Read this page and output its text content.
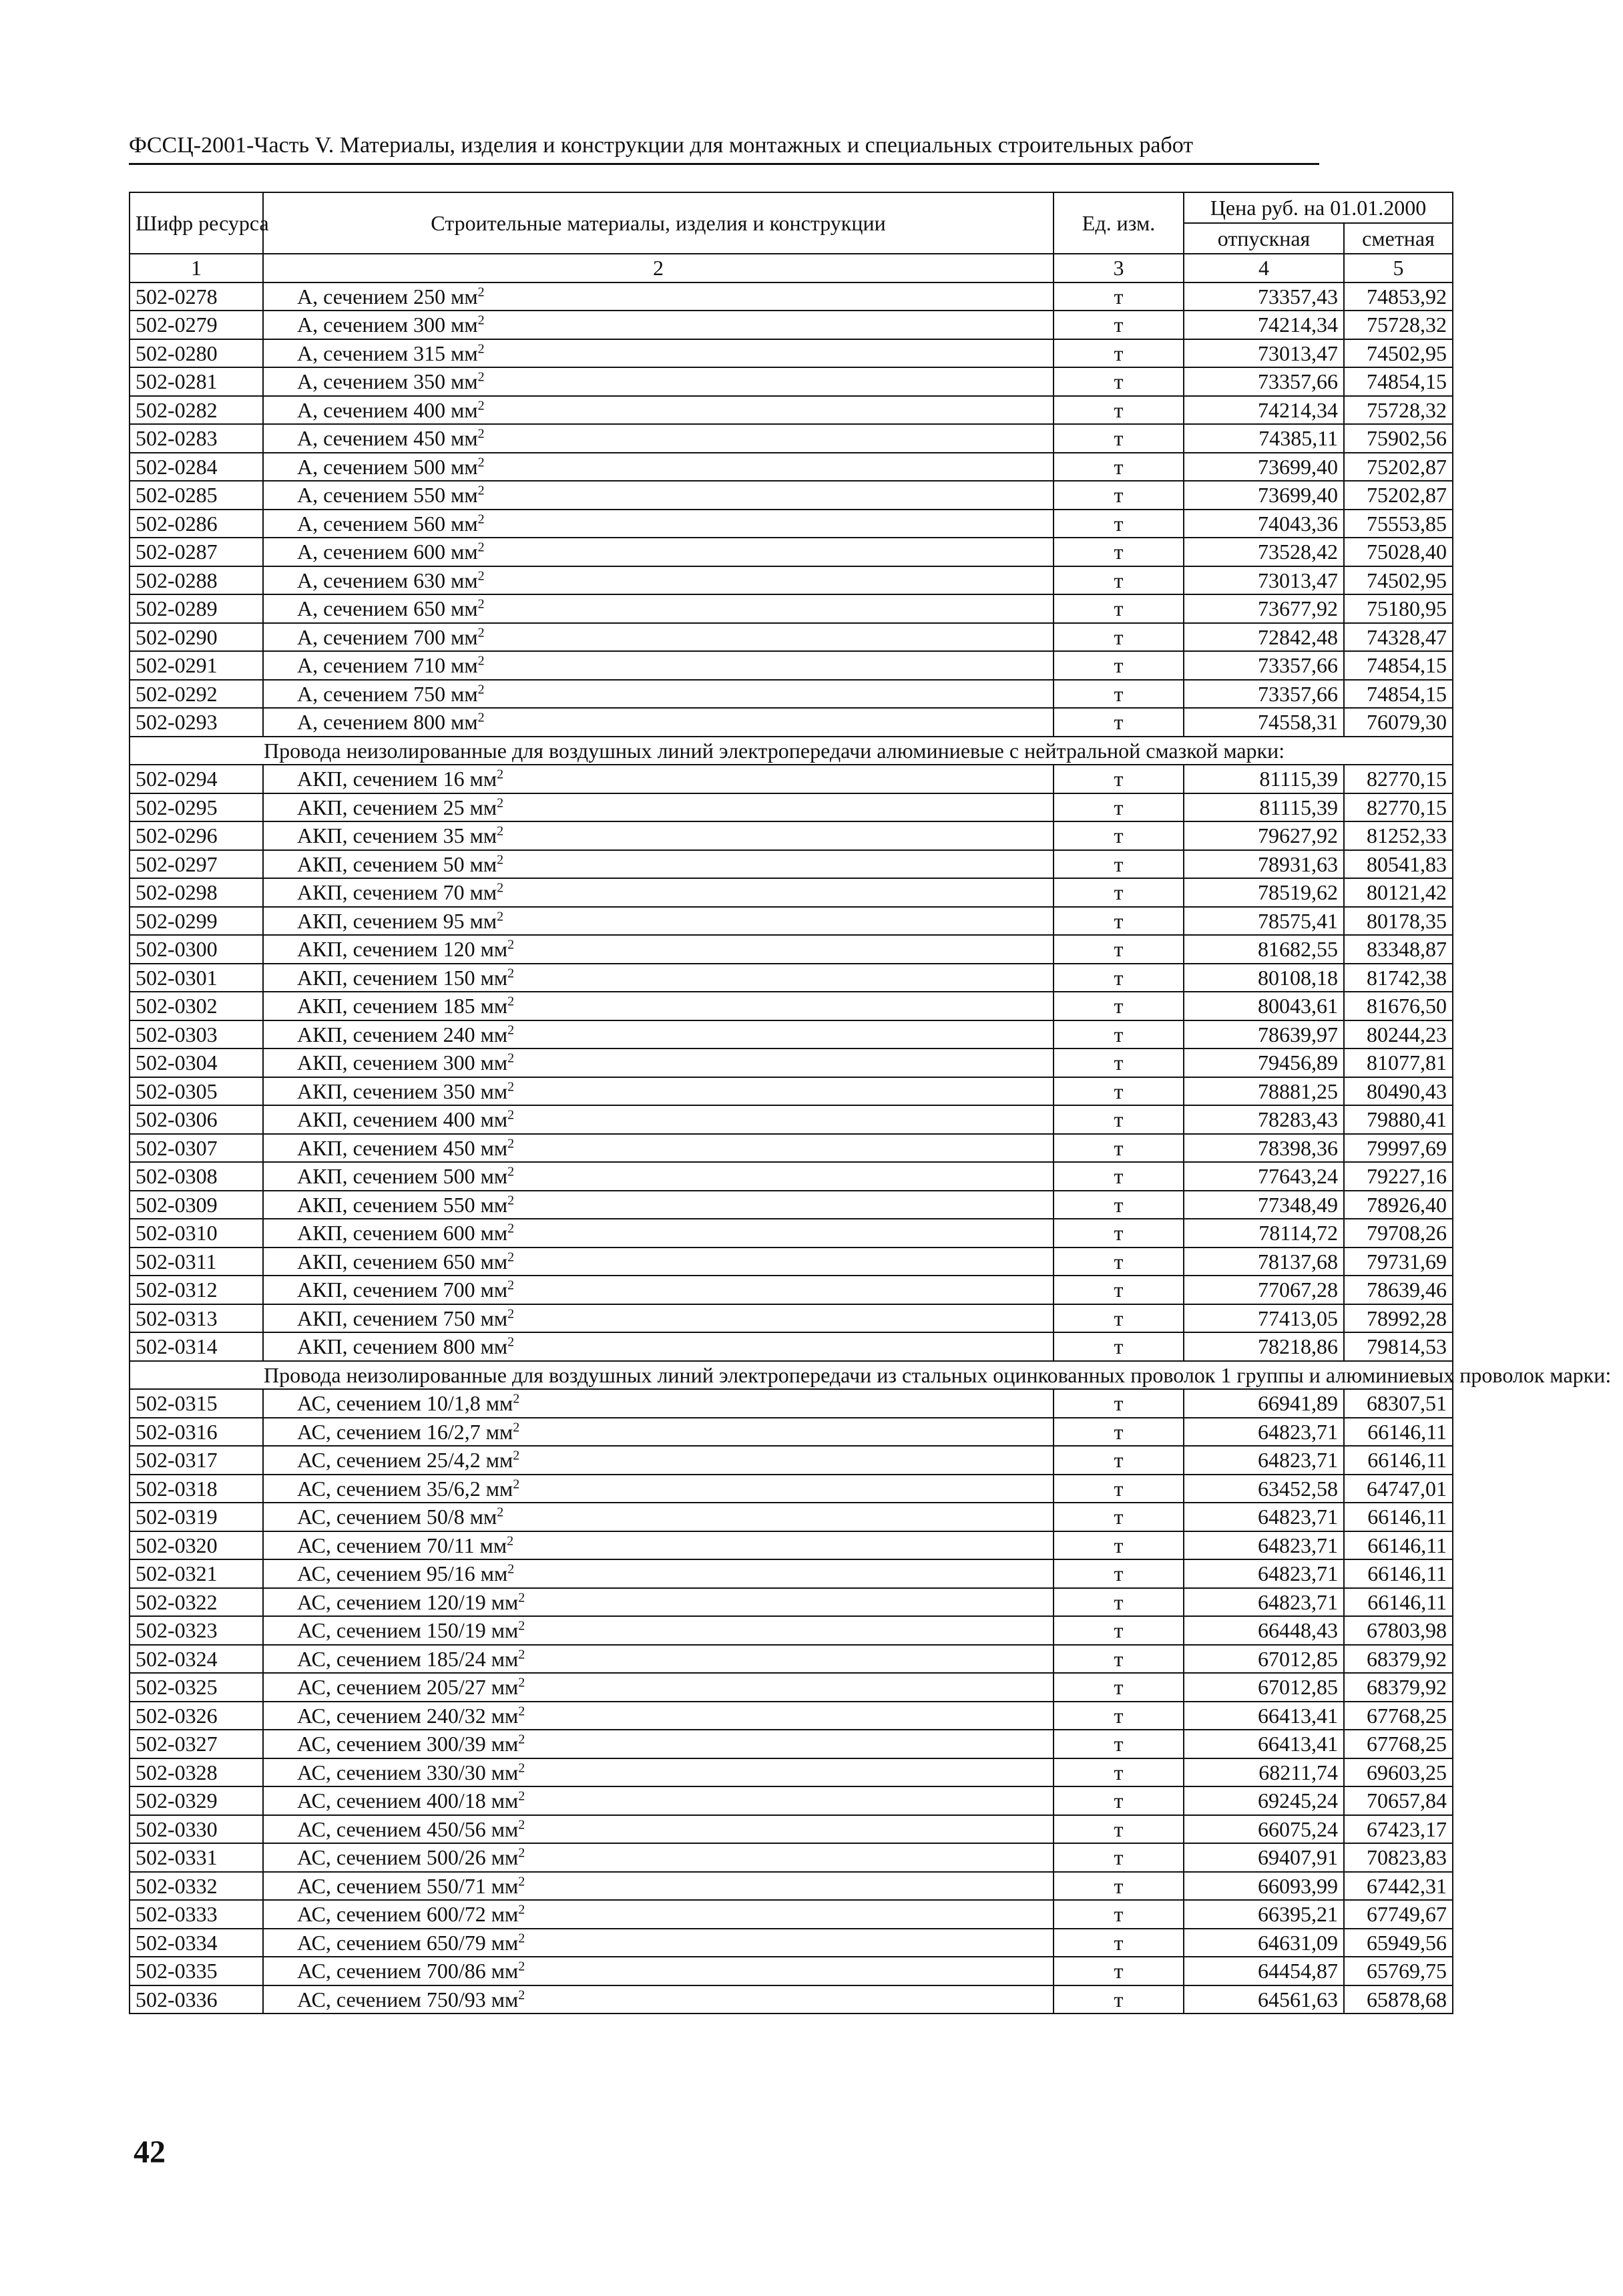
ФССЦ-2001-Часть V. Материалы, изделия и конструкции для монтажных и специальных строительных работ
Шифр ресурса	Строительные материалы, изделия и конструкции	Ед. изм.	Цена руб. на 01.01.2000	
			отпускная	сметная
1	2	3	4	5
502-0278	А, сечением 250 $мм^2$	т	73357,43	74853,92
502-0279	А, сечением 300 $мм^2$	т	74214,34	75728,32
502-0280	А, сечением 315 $мм^2$	т	73013,47	74502,95
502-0281	А, сечением 350 $мм^2$	т	73357,66	74854,15
502-0282	А, сечением 400 $мм^2$	т	74214,34	75728,32
502-0283	А, сечением 450 $мм^2$	т	74385,11	75902,56
502-0284	А, сечением 500 $мм^2$	т	73699,40	75202,87
502-0285	А, сечением 550 $мм^2$	т	73699,40	75202,87
502-0286	А, сечением 560 $мм^2$	т	74043,36	75553,85
502-0287	А, сечением 600 $мм^2$	т	73528,42	75028,40
502-0288	А, сечением 630 $мм^2$	т	73013,47	74502,95
502-0289	А, сечением 650 $мм^2$	т	73677,92	75180,95
502-0290	А, сечением 700 $мм^2$	т	72842,48	74328,47
502-0291	А, сечением 710 $мм^2$	т	73357,66	74854,15
502-0292	А, сечением 750 $мм^2$	т	73357,66	74854,15
502-0293	А, сечением 800 $мм^2$	т	74558,31	76079,30
Провода неизолированные для воздушных линий электропередачи алюминиевые с нейтральной смазкой марки:				
502-0294	АКП, сечением 16 $мм^2$	т	81115,39	82770,15
502-0295	АКП, сечением 25 $мм^2$	т	81115,39	82770,15
502-0296	АКП, сечением 35 $мм^2$	т	79627,92	81252,33
502-0297	АКП, сечением 50 $мм^2$	т	78931,63	80541,83
502-0298	АКП, сечением 70 $мм^2$	т	78519,62	80121,42
502-0299	АКП, сечением 95 $мм^2$	т	78575,41	80178,35
502-0300	АКП, сечением 120 $мм^2$	т	81682,55	83348,87
502-0301	АКП, сечением 150 $мм^2$	т	80108,18	81742,38
502-0302	АКП, сечением 185 $мм^2$	т	80043,61	81676,50
502-0303	АКП, сечением 240 $мм^2$	т	78639,97	80244,23
502-0304	АКП, сечением 300 $мм^2$	т	79456,89	81077,81
502-0305	АКП, сечением 350 $мм^2$	т	78881,25	80490,43
502-0306	АКП, сечением 400 $мм^2$	т	78283,43	79880,41
502-0307	АКП, сечением 450 $мм^2$	т	78398,36	79997,69
502-0308	АКП, сечением 500 $мм^2$	т	77643,24	79227,16
502-0309	АКП, сечением 550 $мм^2$	т	77348,49	78926,40
502-0310	АКП, сечением 600 $мм^2$	т	78114,72	79708,26
502-0311	АКП, сечением 650 $мм^2$	т	78137,68	79731,69
502-0312	АКП, сечением 700 $мм^2$	т	77067,28	78639,46
502-0313	АКП, сечением 750 $мм^2$	т	77413,05	78992,28
502-0314	АКП, сечением 800 $мм^2$	т	78218,86	79814,53
Провода неизолированные для воздушных линий электропередачи из стальных оцинкованных проволок 1 группы и алюминиевых проволок марки:				
502-0315	АС, сечением 10/1,8 $мм^2$	т	66941,89	68307,51
502-0316	АС, сечением 16/2,7 $мм^2$	т	64823,71	66146,11
502-0317	АС, сечением 25/4,2 $мм^2$	т	64823,71	66146,11
502-0318	АС, сечением 35/6,2 $мм^2$	т	63452,58	64747,01
502-0319	АС, сечением 50/8 $мм^2$	т	64823,71	66146,11
502-0320	АС, сечением 70/11 $мм^2$	т	64823,71	66146,11
502-0321	АС, сечением 95/16 $мм^2$	т	64823,71	66146,11
502-0322	АС, сечением 120/19 $мм^2$	т	64823,71	66146,11
502-0323	АС, сечением 150/19 $мм^2$	т	66448,43	67803,98
502-0324	АС, сечением 185/24 $мм^2$	т	67012,85	68379,92
502-0325	АС, сечением 205/27 $мм^2$	т	67012,85	68379,92
502-0326	АС, сечением 240/32 $мм^2$	т	66413,41	67768,25
502-0327	АС, сечением 300/39 $мм^2$	т	66413,41	67768,25
502-0328	АС, сечением 330/30 $мм^2$	т	68211,74	69603,25
502-0329	АС, сечением 400/18 $мм^2$	т	69245,24	70657,84
502-0330	АС, сечением 450/56 $мм^2$	т	66075,24	67423,17
502-0331	АС, сечением 500/26 $мм^2$	т	69407,91	70823,83
502-0332	АС, сечением 550/71 $мм^2$	т	66093,99	67442,31
502-0333	АС, сечением 600/72 $мм^2$	т	66395,21	67749,67
502-0334	АС, сечением 650/79 $мм^2$	т	64631,09	65949,56
502-0335	АС, сечением 700/86 $мм^2$	т	64454,87	65769,75
502-0336	АС, сечением 750/93 $мм^2$	т	64561,63	65878,68
42
